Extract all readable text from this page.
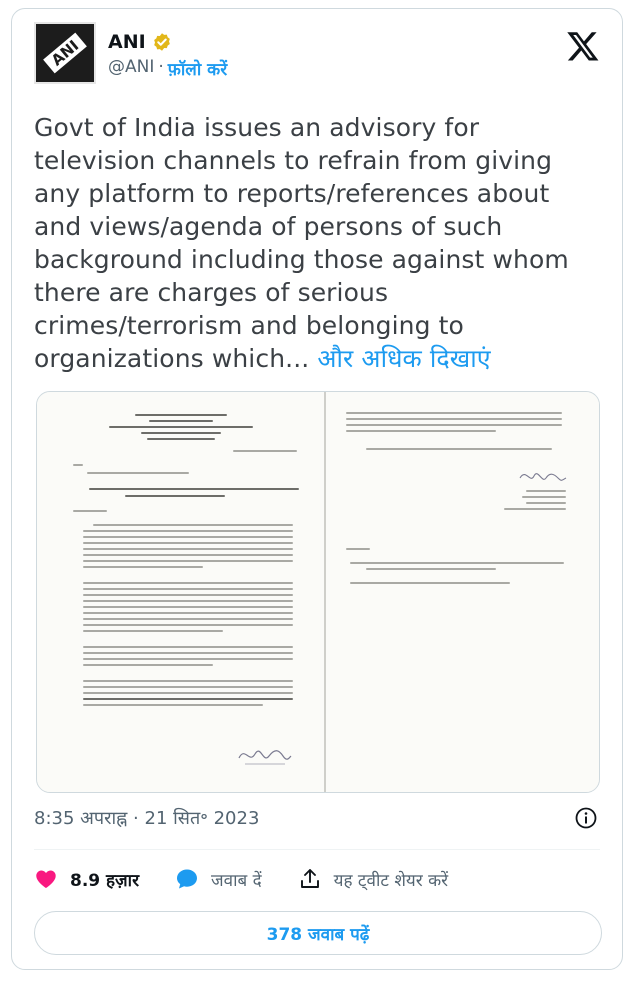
ANI ANI
@ANI · फ़ॉलो करें
Govt of India issues an advisory for television channels to refrain from giving any platform to reports/references about and views/agenda of persons of such background including those against whom there are charges of serious crimes/terrorism and belonging to organizations which... और अधिक दिखाएं
8:35 अपराह्न · 21 सित॰ 2023
8.9 हज़ार	जवाब दें	यह ट्वीट शेयर करें
378 जवाब पढ़ें
